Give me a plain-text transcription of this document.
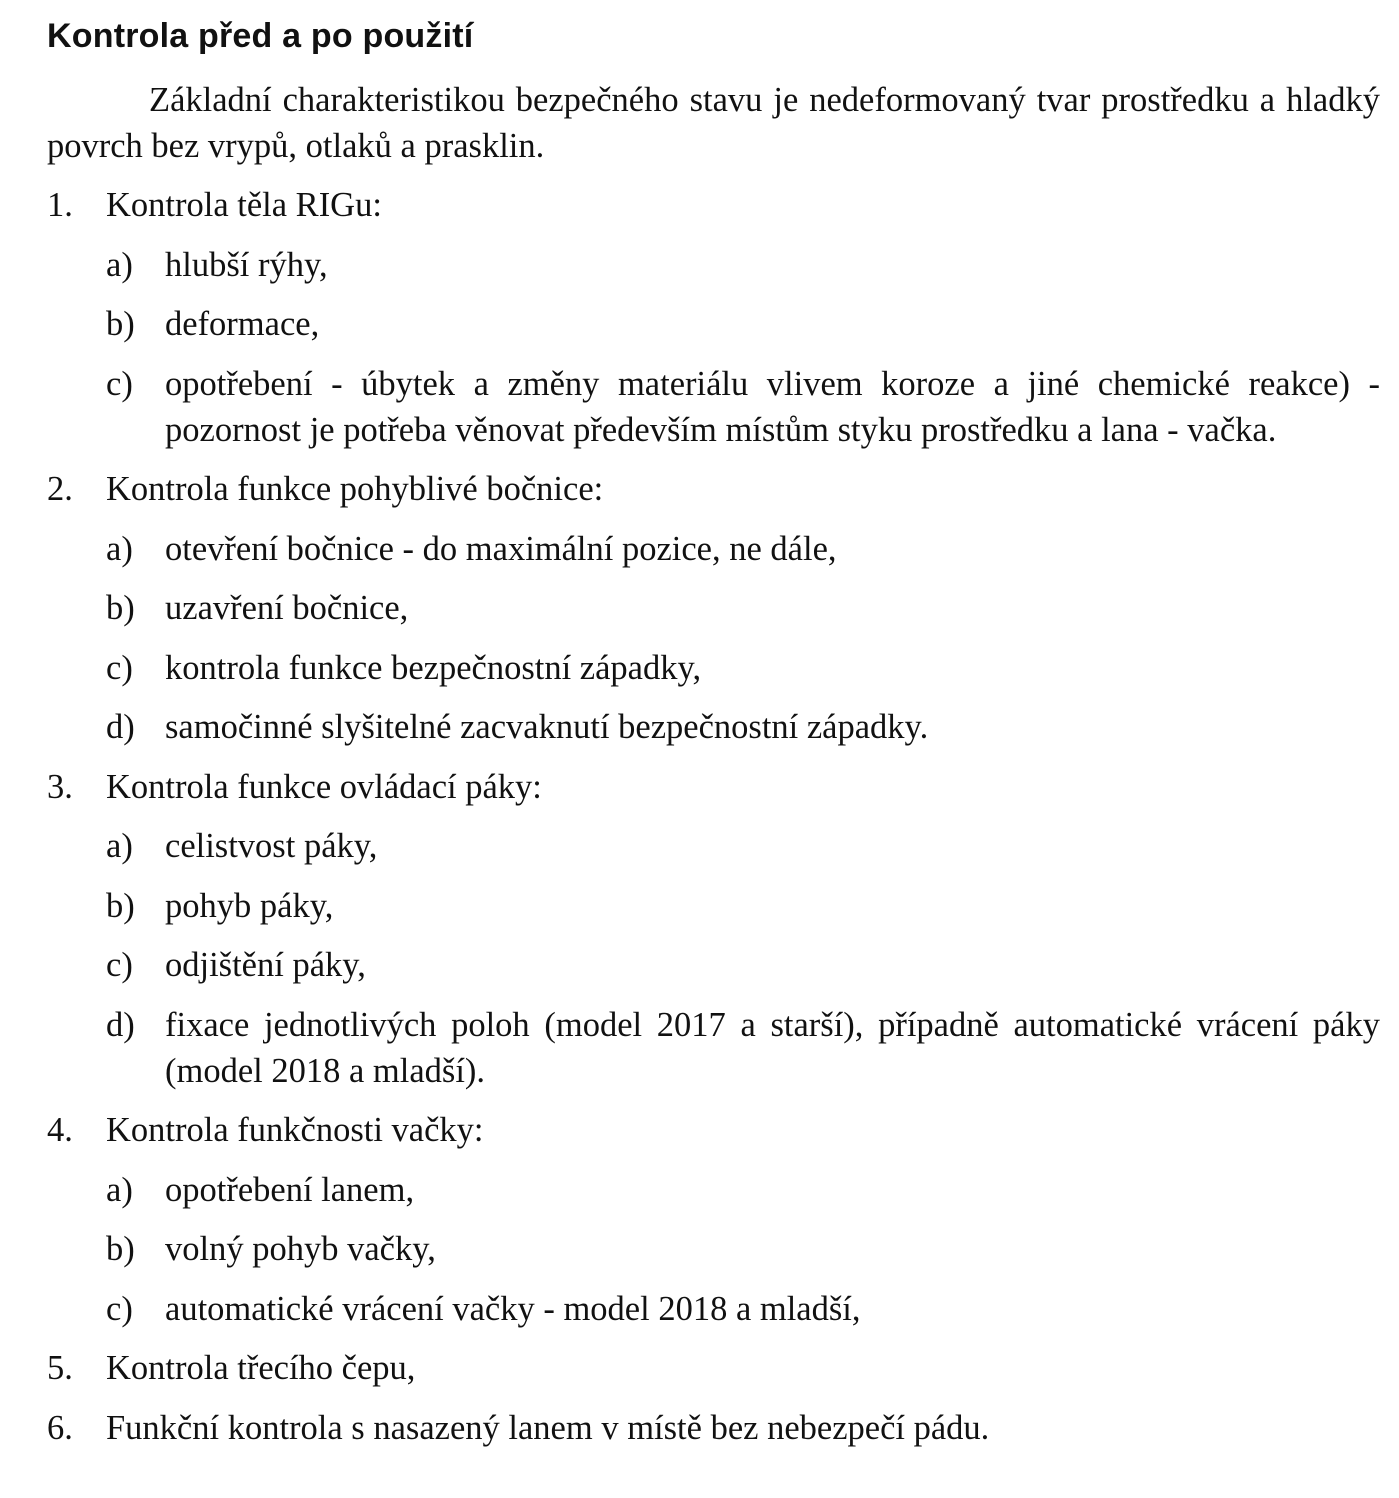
Kontrola před a po použití

Základní charakteristikou bezpečného stavu je nedeformovaný tvar prostředku a hladký povrch bez vrypů, otlaků a prasklin.

1. Kontrola těla RIGu:
a) hlubší rýhy,
b) deformace,
c) opotřebení - úbytek a změny materiálu vlivem koroze a jiné chemické reakce) - pozornost je potřeba věnovat především místům styku prostředku a lana - vačka.
2. Kontrola funkce pohyblivé bočnice:
a) otevření bočnice - do maximální pozice, ne dále,
b) uzavření bočnice,
c) kontrola funkce bezpečnostní západky,
d) samočinné slyšitelné zacvaknutí bezpečnostní západky.
3. Kontrola funkce ovládací páky:
a) celistvost páky,
b) pohyb páky,
c) odjištění páky,
d) fixace jednotlivých poloh (model 2017 a starší), případně automatické vrácení páky (model 2018 a mladší).
4. Kontrola funkčnosti vačky:
a) opotřebení lanem,
b) volný pohyb vačky,
c) automatické vrácení vačky - model 2018 a mladší,
5. Kontrola třecího čepu,
6. Funkční kontrola s nasazený lanem v místě bez nebezpečí pádu.
